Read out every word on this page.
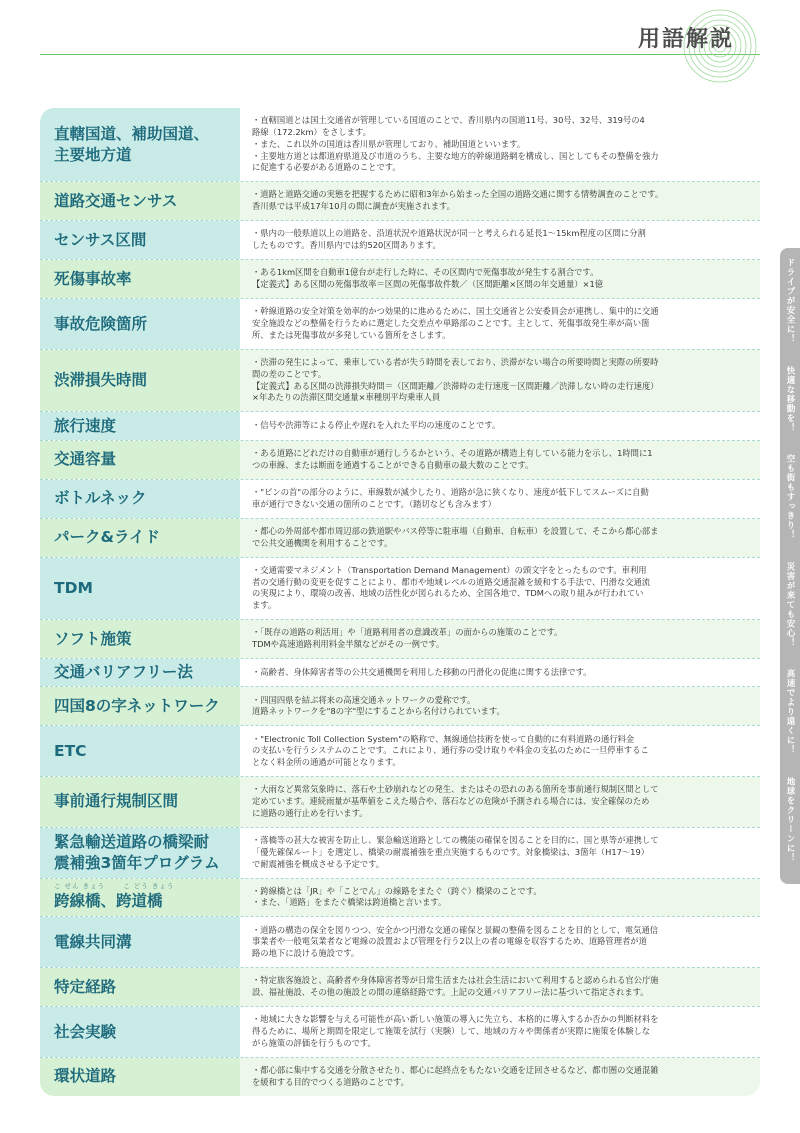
用語解説
直轄国道、補助国道、
主要地方道
・直轄国道とは国土交通省が管理している国道のことで、香川県内の国道11号、30号、32号、319号の4
路線（172.2km）をさします。
・また、これ以外の国道は香川県が管理しており、補助国道といいます。
・主要地方道とは都道府県道及び市道のうち、主要な地方的幹線道路網を構成し、国としてもその整備を強力
に促進する必要がある道路のことです。
道路交通センサス	・道路と道路交通の実態を把握するために昭和3年から始まった全国の道路交通に関する情勢調査のことです。
香川県では平成17年10月の間に調査が実施されます。
センサス区間	・県内の一般県道以上の道路を、沿道状況や道路状況が同一と考えられる延長1～15km程度の区間に分割
したものです。香川県内では約520区間あります。
死傷事故率	・ある1km区間を自動車1億台が走行した時に、その区間内で死傷事故が発生する割合です。
【定義式】ある区間の死傷事故率＝区間の死傷事故件数／（区間距離×区間の年交通量）×1億
事故危険箇所
・幹線道路の安全対策を効率的かつ効果的に進めるために、国土交通省と公安委員会が連携し、集中的に交通
安全施設などの整備を行うために選定した交差点や単路部のことです。主として、死傷事故発生率が高い箇
所、または死傷事故が多発している箇所をさします。
渋滞損失時間
・渋滞の発生によって、乗車している者が失う時間を表しており、渋滞がない場合の所要時間と実際の所要時
間の差のことです。
【定義式】ある区間の渋滞損失時間＝（区間距離／渋滞時の走行速度－区間距離／渋滞しない時の走行速度）
×年あたりの渋滞区間交通量×車種別平均乗車人員
旅行速度	・信号や渋滞等による停止や遅れを入れた平均の速度のことです。
交通容量	・ある道路にどれだけの自動車が通行しうるかという、その道路が構造上有している能力を示し、1時間に1
つの車線、または断面を通過することができる自動車の最大数のことです。
ボトルネック	・"ビンの首"の部分のように、車線数が減少したり、道路が急に狭くなり、速度が低下してスムーズに自動
車が通行できない交通の箇所のことです。（踏切なども含みます）
パーク&ライド	・都心の外周部や都市周辺部の鉄道駅やバス停等に駐車場（自動車、自転車）を設置して、そこから都心部ま
で公共交通機関を利用することです。
TDM
・交通需要マネジメント（Transportation Demand Management）の頭文字をとったものです。車利用
者の交通行動の変更を促すことにより、都市や地域レベルの道路交通混雑を緩和する手法で、円滑な交通流
の実現により、環境の改善、地域の活性化が図られるため、全国各地で、TDMへの取り組みが行われてい
ます。
ソフト施策	・「既存の道路の利活用」や「道路利用者の意識改革」の面からの施策のことです。
TDMや高速道路利用料金半額などがその一例です。
交通バリアフリー法	・高齢者、身体障害者等の公共交通機関を利用した移動の円滑化の促進に関する法律です。
四国8の字ネットワーク	・四国四県を結ぶ将来の高速交通ネットワークの愛称です。
道路ネットワークを"8の字"型にすることから名付けられています。
ETC
・"Electronic Toll Collection System"の略称で、無線通信技術を使って自動的に有料道路の通行料金
の支払いを行うシステムのことです。これにより、通行券の受け取りや料金の支払のために一旦停車するこ
となく料金所の通過が可能となります。
事前通行規制区間
・大雨など異常気象時に、落石や土砂崩れなどの発生、またはその恐れのある箇所を事前通行規制区間として
定めています。連続雨量が基準値をこえた場合や、落石などの危険が予測される場合には、安全確保のため
に道路の通行止めを行います。
緊急輸送道路の橋梁耐
震補強3箇年プログラム
・落橋等の甚大な被害を防止し、緊急輸送道路としての機能の確保を図ることを目的に、国と県等が連携して
「優先確保ルート」を選定し、橋梁の耐震補強を重点実施するものです。対象橋梁は、3箇年（H17～19）
で耐震補強を概成させる予定です。
こ せん きょう　　 こ どう きょう
跨線橋、跨道橋
・跨線橋とは「JR」や「ことでん」の線路をまたぐ（跨ぐ）橋梁のことです。
・また、「道路」をまたぐ橋梁は跨道橋と言います。
電線共同溝
・道路の構造の保全を図りつつ、安全かつ円滑な交通の確保と景観の整備を図ることを目的として、電気通信
事業者や一般電気業者など電線の設置および管理を行う2以上の者の電線を収容するため、道路管理者が道
路の地下に設ける施設です。
特定経路	・特定旅客施設と、高齢者や身体障害者等が日常生活または社会生活において利用すると認められる官公庁施
設、福祉施設、その他の施設との間の連絡経路です。上記の交通バリアフリー法に基づいて指定されます。
社会実験
・地域に大きな影響を与える可能性が高い新しい施策の導入に先立ち、本格的に導入するか否かの判断材料を
得るために、場所と期間を限定して施策を試行（実験）して、地域の方々や関係者が実際に施策を体験しな
がら施策の評価を行うものです。
環状道路	・都心部に集中する交通を分散させたり、都心に起終点をもたない交通を迂回させるなど、都市圏の交通混雑
を緩和する目的でつくる道路のことです。
ドライブが安全に！
快適な移動を！
空も街もすっきり！
災害が来ても安心！
高速でより遠くに！
地球をクリーンに！
